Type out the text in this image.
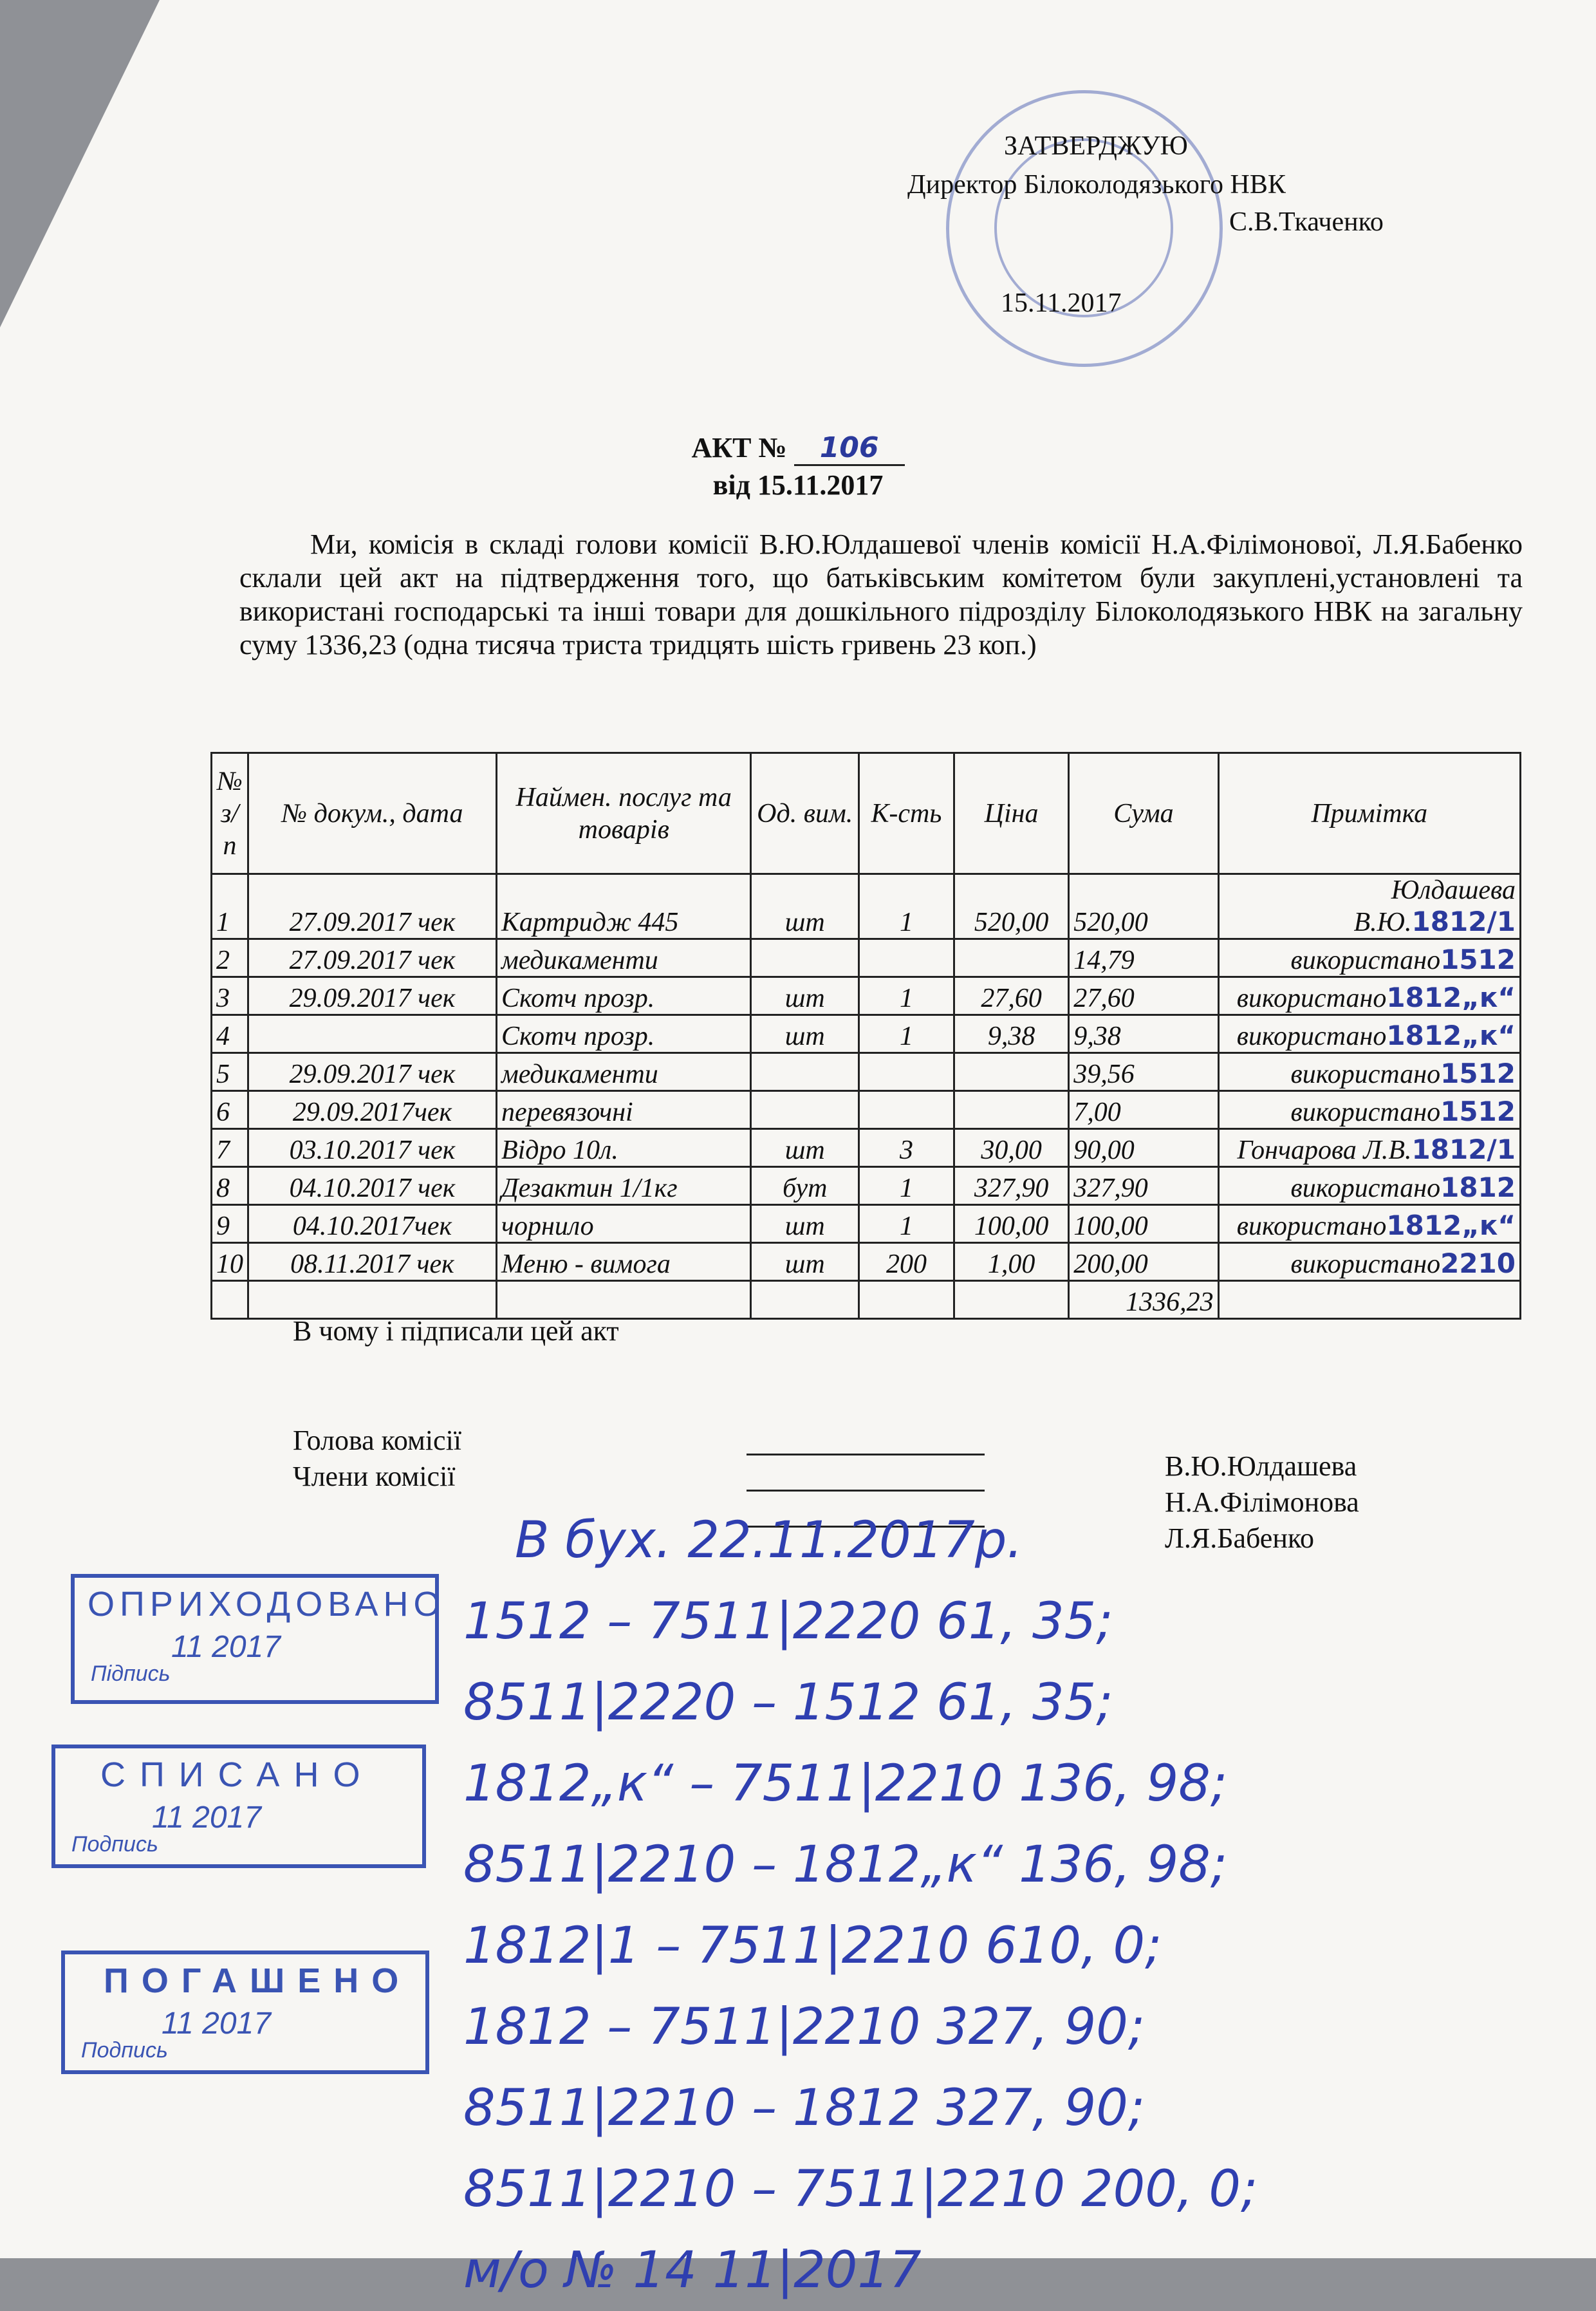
ЗАТВЕРДЖУЮ
Директор Білоколодязького НВК
С.В.Ткаченко
15.11.2017
АКТ № 106
від 15.11.2017
Ми, комісія в складі голови комісії В.Ю.Юлдашевої членів комісії Н.А.Філімонової, Л.Я.Бабенко склали цей акт на підтвердження того, що батьківським комітетом були закуплені,установлені та використані господарські та інші товари для дошкільного підрозділу Білоколодязького НВК на загальну суму 1336,23 (одна тисяча триста тридцять шість гривень 23 коп.)
№ з/п	№ докум., дата	Наймен. послуг та товарів	Од. вим.	К-сть	Ціна	Сума	Примітка
1	27.09.2017 чек	Картридж 445	шт	1	520,00	520,00	Юлдашева В.Ю.1812/1
2	27.09.2017 чек	медикаменти				14,79	використано1512
3	29.09.2017 чек	Скотч прозр.	шт	1	27,60	27,60	використано1812„к“
4		Скотч прозр.	шт	1	9,38	9,38	використано1812„к“
5	29.09.2017 чек	медикаменти				39,56	використано1512
6	29.09.2017чек	перевязочні				7,00	використано1512
7	03.10.2017 чек	Відро 10л.	шт	3	30,00	90,00	Гончарова Л.В.1812/1
8	04.10.2017 чек	Дезактин 1/1кг	бут	1	327,90	327,90	використано1812
9	04.10.2017чек	чорнило	шт	1	100,00	100,00	використано1812„к“
10	08.11.2017 чек	Меню - вимога	шт	200	1,00	200,00	використано2210
						1336,23	
В чому і підписали цей акт
Голова комісії
Члени комісії	В.Ю.Юлдашева
Н.А.Філімонова
Л.Я.Бабенко
ОПРИХОДОВАНО
11 2017
Підпись
СПИСАНО
11 2017
Подпись
ПОГАШЕНО
11 2017
Подпись
В бух. 22.11.2017р.
1512 – 7511|2220 61, 35;
8511|2220 – 1512 61, 35;
1812„к“ – 7511|2210 136, 98;
8511|2210 – 1812„к“ 136, 98;
1812|1 – 7511|2210 610, 0;
1812 – 7511|2210 327, 90;
8511|2210 – 1812 327, 90;
8511|2210 – 7511|2210 200, 0;
м/о № 14 11|2017
